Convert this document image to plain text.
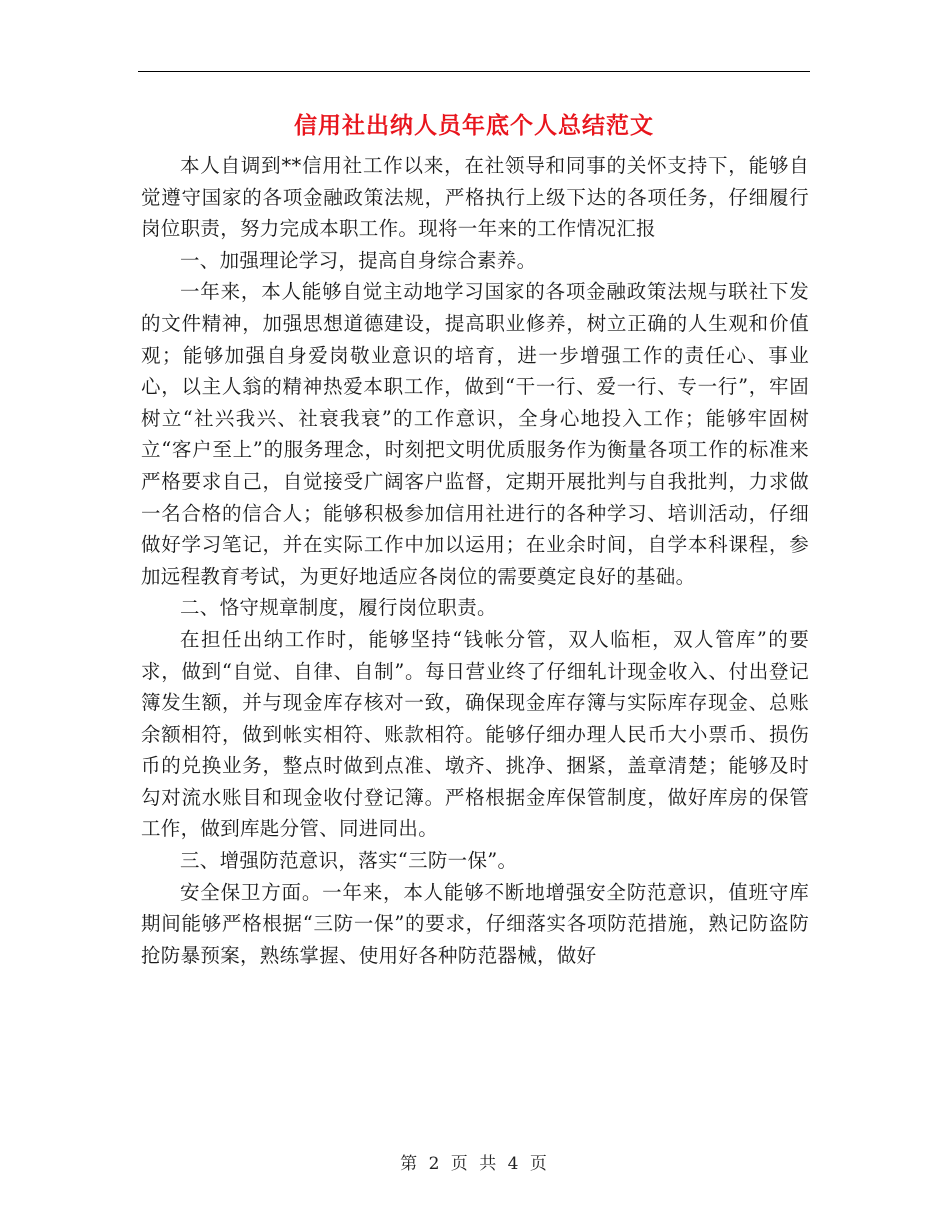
信用社出纳人员年底个人总结范文

本人自调到**信用社工作以来，在社领导和同事的关怀支持下，能够自觉遵守国家的各项金融政策法规，严格执行上级下达的各项任务，仔细履行岗位职责，努力完成本职工作。现将一年来的工作情况汇报

一、加强理论学习，提高自身综合素养。

一年来，本人能够自觉主动地学习国家的各项金融政策法规与联社下发的文件精神，加强思想道德建设，提高职业修养，树立正确的人生观和价值观；能够加强自身爱岗敬业意识的培育，进一步增强工作的责任心、事业心，以主人翁的精神热爱本职工作，做到“干一行、爱一行、专一行”，牢固树立“社兴我兴、社衰我衰”的工作意识，全身心地投入工作；能够牢固树立“客户至上”的服务理念，时刻把文明优质服务作为衡量各项工作的标准来严格要求自己，自觉接受广阔客户监督，定期开展批判与自我批判，力求做一名合格的信合人；能够积极参加信用社进行的各种学习、培训活动，仔细做好学习笔记，并在实际工作中加以运用；在业余时间，自学本科课程，参加远程教育考试，为更好地适应各岗位的需要奠定良好的基础。

二、恪守规章制度，履行岗位职责。

在担任出纳工作时，能够坚持“钱帐分管，双人临柜，双人管库”的要求，做到“自觉、自律、自制”。每日营业终了仔细轧计现金收入、付出登记簿发生额，并与现金库存核对一致，确保现金库存簿与实际库存现金、总账余额相符，做到帐实相符、账款相符。能够仔细办理人民币大小票币、损伤币的兑换业务，整点时做到点准、墩齐、挑净、捆紧，盖章清楚；能够及时勾对流水账目和现金收付登记簿。严格根据金库保管制度，做好库房的保管工作，做到库匙分管、同进同出。

三、增强防范意识，落实“三防一保”。

安全保卫方面。一年来，本人能够不断地增强安全防范意识，值班守库期间能够严格根据“三防一保”的要求，仔细落实各项防范措施，熟记防盗防抢防暴预案，熟练掌握、使用好各种防范器械，做好

第 2 页 共 4 页
